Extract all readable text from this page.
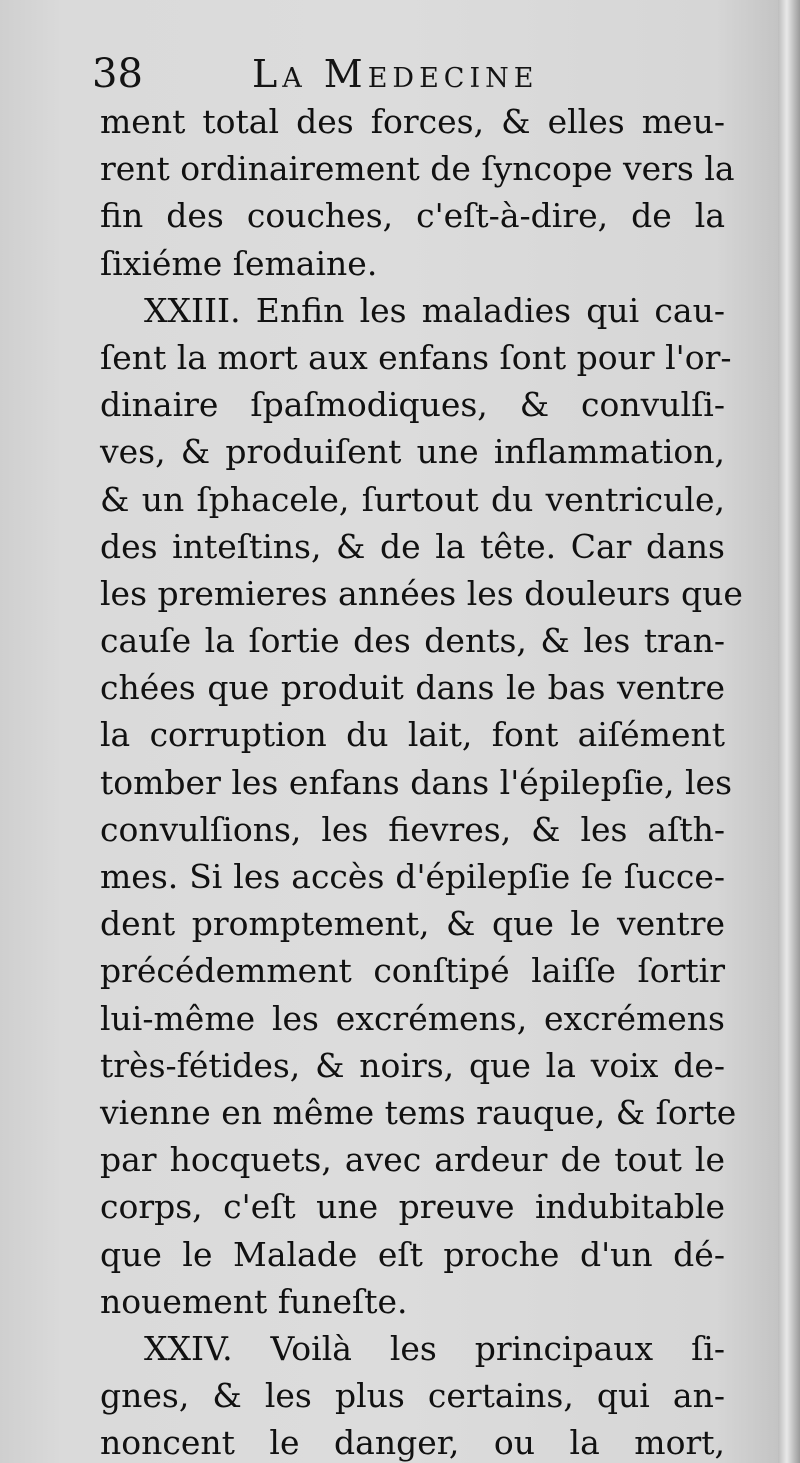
38	La Medecine
ment total des forces, & elles meu-
rent ordinairement de ſyncope vers la
fin des couches, c'eſt-à-dire, de la
ſixiéme ſemaine.
XXIII. Enfin les maladies qui cau-
ſent la mort aux enfans ſont pour l'or-
dinaire ſpaſmodiques, & convulſi-
ves, & produiſent une inflammation,
& un ſphacele, ſurtout du ventricule,
des inteſtins, & de la tête. Car dans
les premieres années les douleurs que
cauſe la ſortie des dents, & les tran-
chées que produit dans le bas ventre
la corruption du lait, font aiſément
tomber les enfans dans l'épilepſie, les
convulſions, les fievres, & les aſth-
mes. Si les accès d'épilepſie ſe ſucce-
dent promptement, & que le ventre
précédemment conſtipé laiſſe ſortir
lui-même les excrémens, excrémens
très-fétides, & noirs, que la voix de-
vienne en même tems rauque, & ſorte
par hocquets, avec ardeur de tout le
corps, c'eſt une preuve indubitable
que le Malade eſt proche d'un dé-
nouement funeſte.
XXIV. Voilà les principaux ſi-
gnes, & les plus certains, qui an-
noncent le danger, ou la mort,
